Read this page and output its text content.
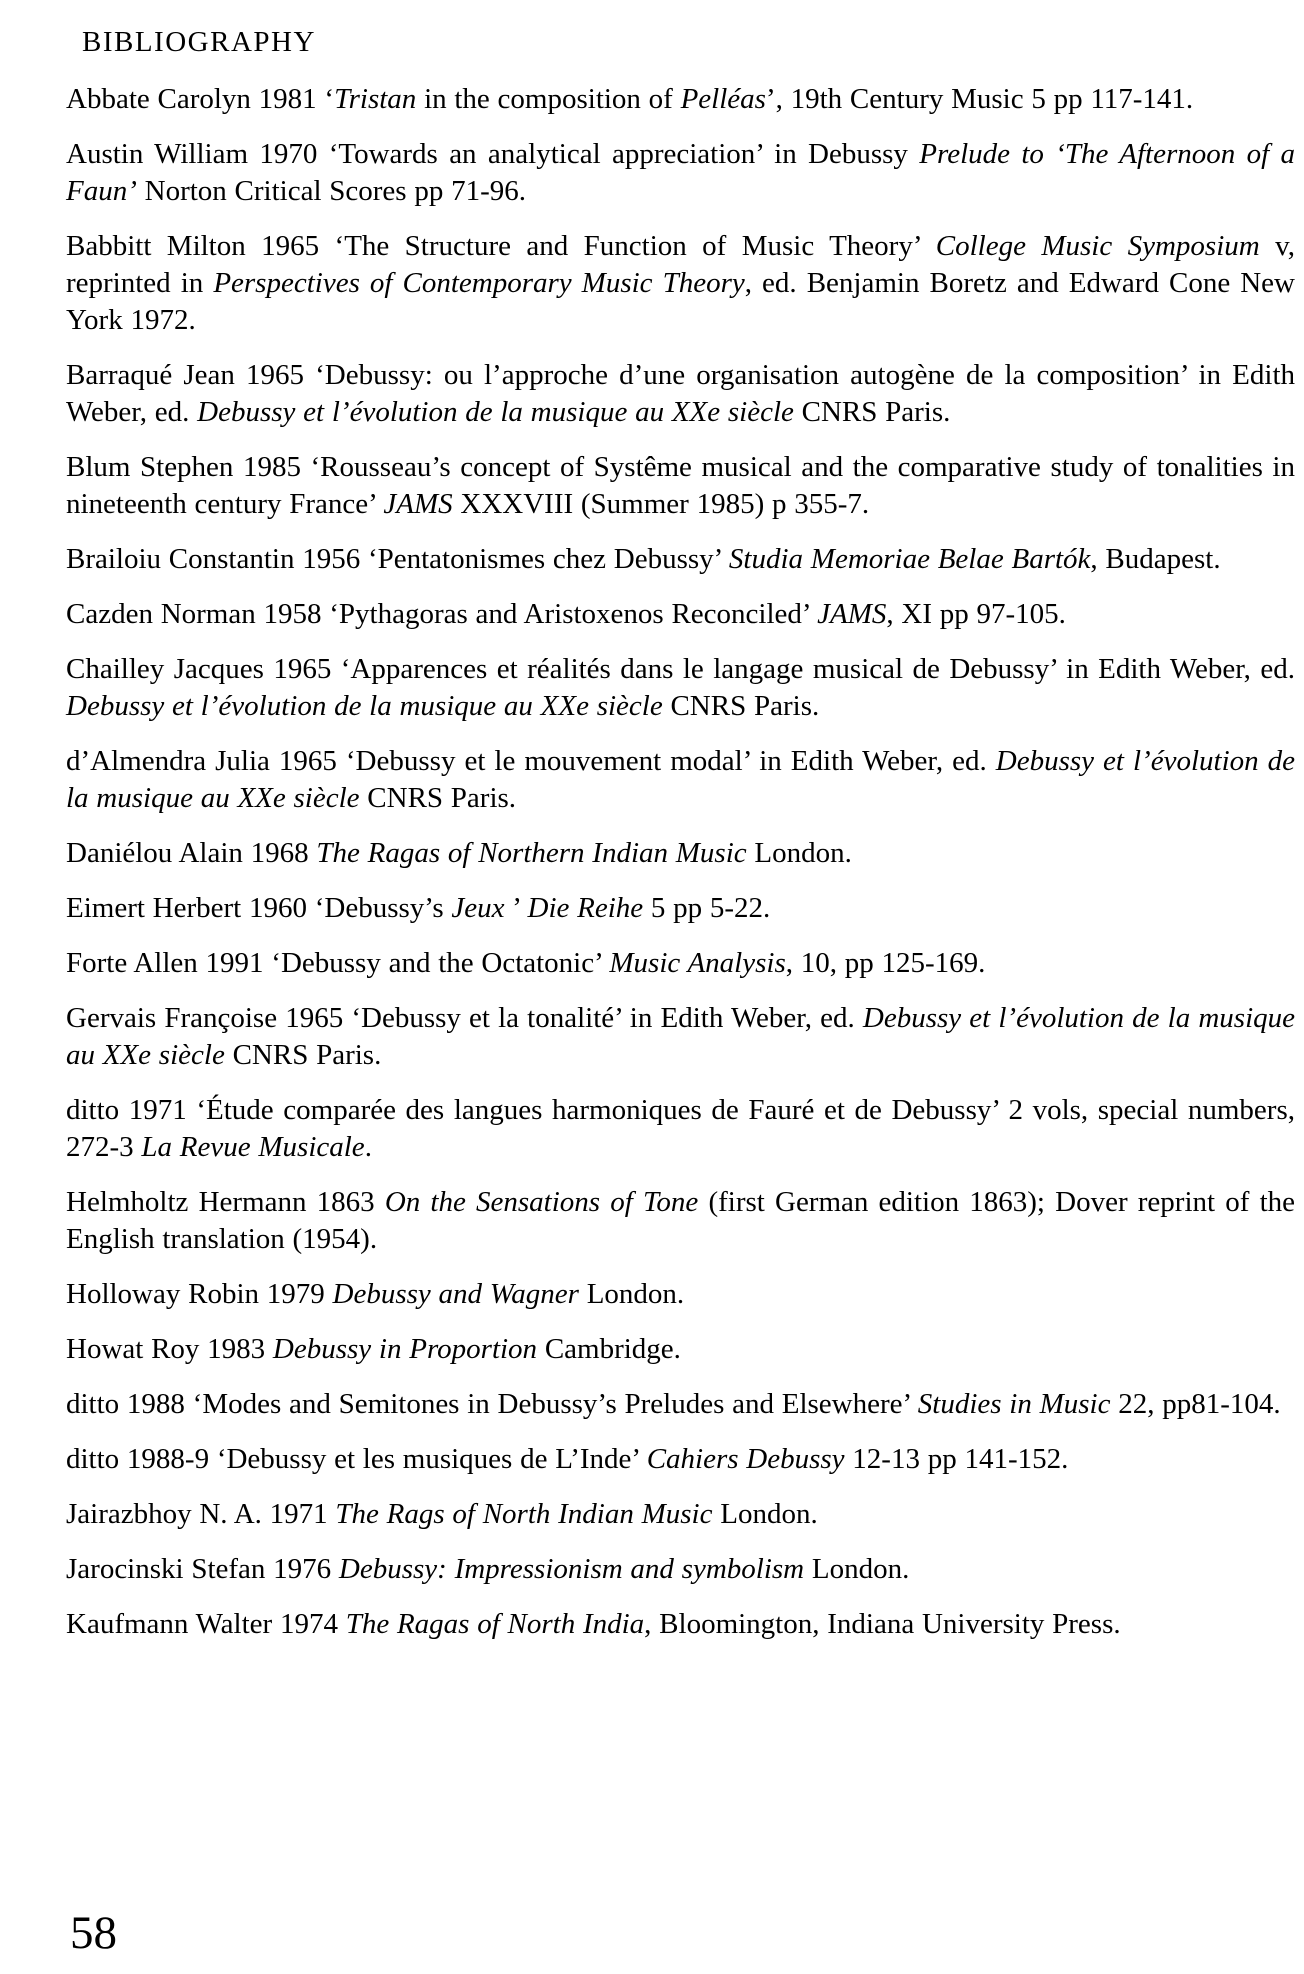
BIBLIOGRAPHY

Abbate Carolyn 1981 ‘Tristan in the composition of Pelléas’, 19th Century Music 5 pp 117-141.

Austin William 1970 ‘Towards an analytical appreciation’ in Debussy Prelude to ‘The Afternoon of a Faun’ Norton Critical Scores pp 71-96.

Babbitt Milton 1965 ‘The Structure and Function of Music Theory’ College Music Symposium v, reprinted in Perspectives of Contemporary Music Theory, ed. Benjamin Boretz and Edward Cone New York 1972.

Barraqué Jean 1965 ‘Debussy: ou l’approche d’une organisation autogène de la composition’ in Edith Weber, ed. Debussy et l’évolution de la musique au XXe siècle CNRS Paris.

Blum Stephen 1985 ‘Rousseau’s concept of Systême musical and the comparative study of tonalities in nineteenth century France’ JAMS XXXVIII (Summer 1985) p 355-7.

Brailoiu Constantin 1956 ‘Pentatonismes chez Debussy’ Studia Memoriae Belae Bartók, Budapest.

Cazden Norman 1958 ‘Pythagoras and Aristoxenos Reconciled’ JAMS, XI pp 97-105.

Chailley Jacques 1965 ‘Apparences et réalités dans le langage musical de Debussy’ in Edith Weber, ed. Debussy et l’évolution de la musique au XXe siècle CNRS Paris.

d’Almendra Julia 1965 ‘Debussy et le mouvement modal’ in Edith Weber, ed. Debussy et l’évolution de la musique au XXe siècle CNRS Paris.

Daniélou Alain 1968 The Ragas of Northern Indian Music London.

Eimert Herbert 1960 ‘Debussy’s Jeux ’ Die Reihe 5 pp 5-22.

Forte Allen 1991 ‘Debussy and the Octatonic’ Music Analysis, 10, pp 125-169.

Gervais Françoise 1965 ‘Debussy et la tonalité’ in Edith Weber, ed. Debussy et l’évolution de la musique au XXe siècle CNRS Paris.

ditto 1971 ‘Étude comparée des langues harmoniques de Fauré et de Debussy’ 2 vols, special numbers, 272-3 La Revue Musicale.

Helmholtz Hermann 1863 On the Sensations of Tone (first German edition 1863); Dover reprint of the English translation (1954).

Holloway Robin 1979 Debussy and Wagner London.

Howat Roy 1983 Debussy in Proportion Cambridge.

ditto 1988 ‘Modes and Semitones in Debussy’s Preludes and Elsewhere’ Studies in Music 22, pp81-104.

ditto 1988-9 ‘Debussy et les musiques de L’Inde’ Cahiers Debussy 12-13 pp 141-152.

Jairazbhoy N. A. 1971 The Rags of North Indian Music London.

Jarocinski Stefan 1976 Debussy: Impressionism and symbolism London.

Kaufmann Walter 1974 The Ragas of North India, Bloomington, Indiana University Press.

58
